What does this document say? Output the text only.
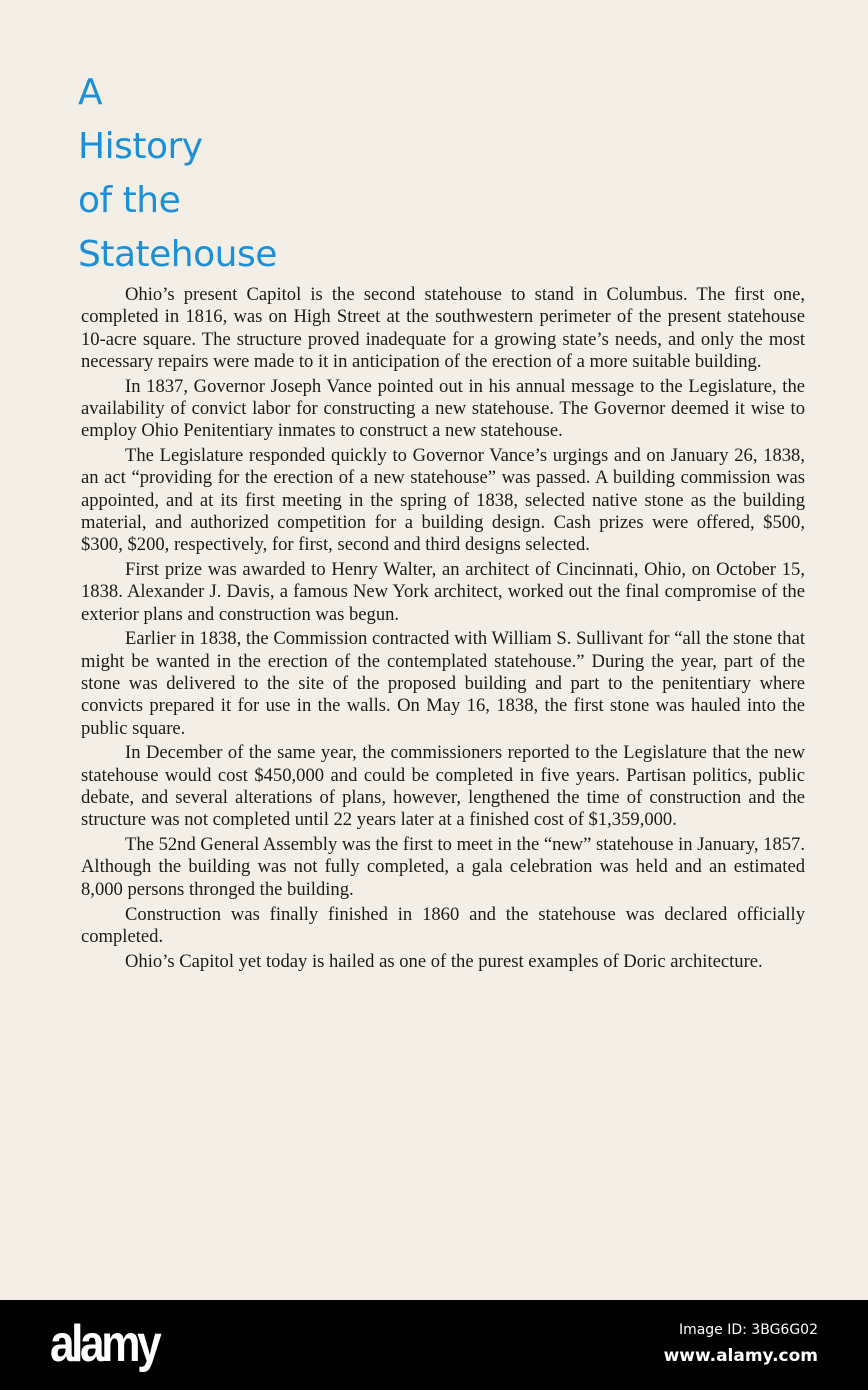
A
History
of the
Statehouse

Ohio’s present Capitol is the second statehouse to stand in Columbus. The first one, completed in 1816, was on High Street at the southwestern perimeter of the present statehouse 10-acre square. The structure proved inadequate for a growing state’s needs, and only the most necessary repairs were made to it in anticipation of the erection of a more suitable building.

In 1837, Governor Joseph Vance pointed out in his annual message to the Legislature, the availability of convict labor for constructing a new statehouse. The Governor deemed it wise to employ Ohio Penitentiary inmates to construct a new statehouse.

The Legislature responded quickly to Governor Vance’s urgings and on January 26, 1838, an act “providing for the erection of a new statehouse” was passed. A building commission was appointed, and at its first meeting in the spring of 1838, selected native stone as the building material, and authorized competition for a building design. Cash prizes were offered, $500, $300, $200, respectively, for first, second and third designs selected.

First prize was awarded to Henry Walter, an architect of Cincinnati, Ohio, on October 15, 1838. Alexander J. Davis, a famous New York architect, worked out the final compromise of the exterior plans and construction was begun.

Earlier in 1838, the Commission contracted with William S. Sullivant for “all the stone that might be wanted in the erection of the contemplated statehouse.” During the year, part of the stone was delivered to the site of the proposed building and part to the penitentiary where convicts prepared it for use in the walls. On May 16, 1838, the first stone was hauled into the public square.

In December of the same year, the commissioners reported to the Legislature that the new statehouse would cost $450,000 and could be completed in five years. Partisan politics, public debate, and several alterations of plans, however, lengthened the time of construction and the structure was not completed until 22 years later at a finished cost of $1,359,000.

The 52nd General Assembly was the first to meet in the “new” statehouse in January, 1857. Although the building was not fully completed, a gala celebration was held and an estimated 8,000 persons thronged the building.

Construction was finally finished in 1860 and the statehouse was declared officially completed.

Ohio’s Capitol yet today is hailed as one of the purest examples of Doric architecture.

alamy	Image ID: 3BG6G02
www.alamy.com
